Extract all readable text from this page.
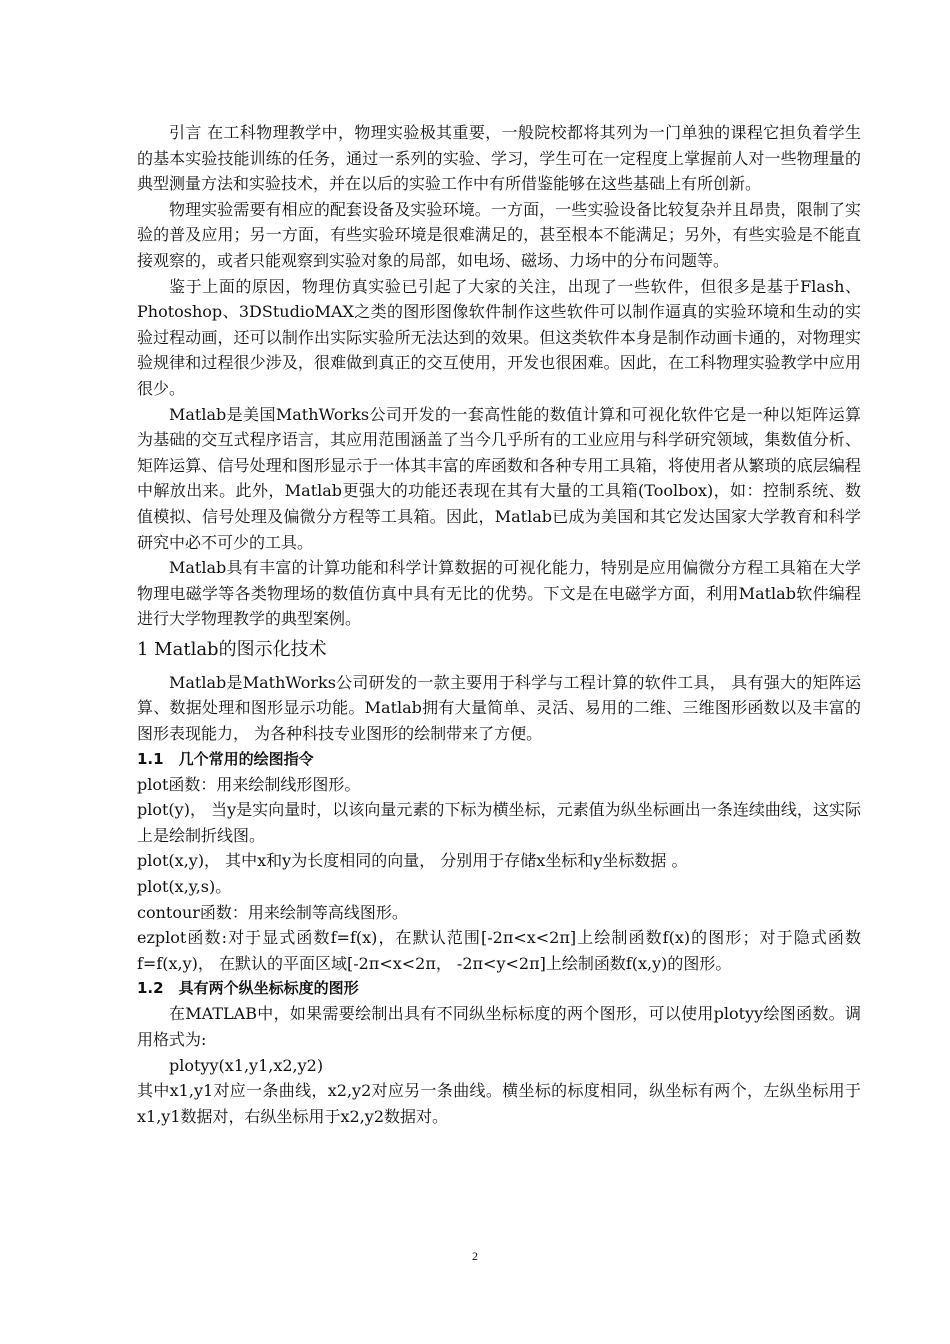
引言 在工科物理教学中，物理实验极其重要，一般院校都将其列为一门单独的课程它担负着学生的基本实验技能训练的任务，通过一系列的实验、学习，学生可在一定程度上掌握前人对一些物理量的典型测量方法和实验技术，并在以后的实验工作中有所借鉴能够在这些基础上有所创新。

物理实验需要有相应的配套设备及实验环境。一方面，一些实验设备比较复杂并且昂贵，限制了实验的普及应用；另一方面，有些实验环境是很难满足的，甚至根本不能满足；另外，有些实验是不能直接观察的，或者只能观察到实验对象的局部，如电场、磁场、力场中的分布问题等。

鉴于上面的原因，物理仿真实验已引起了大家的关注，出现了一些软件，但很多是基于Flash、Photoshop、3DStudioMAX之类的图形图像软件制作这些软件可以制作逼真的实验环境和生动的实验过程动画，还可以制作出实际实验所无法达到的效果。但这类软件本身是制作动画卡通的，对物理实验规律和过程很少涉及，很难做到真正的交互使用，开发也很困难。因此，在工科物理实验教学中应用很少。

Matlab是美国MathWorks公司开发的一套高性能的数值计算和可视化软件它是一种以矩阵运算为基础的交互式程序语言，其应用范围涵盖了当今几乎所有的工业应用与科学研究领域，集数值分析、矩阵运算、信号处理和图形显示于一体其丰富的库函数和各种专用工具箱，将使用者从繁琐的底层编程中解放出来。此外，Matlab更强大的功能还表现在其有大量的工具箱(Toolbox)，如：控制系统、数值模拟、信号处理及偏微分方程等工具箱。因此，Matlab已成为美国和其它发达国家大学教育和科学研究中必不可少的工具。

Matlab具有丰富的计算功能和科学计算数据的可视化能力，特别是应用偏微分方程工具箱在大学物理电磁学等各类物理场的数值仿真中具有无比的优势。下文是在电磁学方面，利用Matlab软件编程进行大学物理教学的典型案例。

1 Matlab的图示化技术

Matlab是MathWorks公司研发的一款主要用于科学与工程计算的软件工具， 具有强大的矩阵运算、数据处理和图形显示功能。Matlab拥有大量简单、灵活、易用的二维、三维图形函数以及丰富的图形表现能力， 为各种科技专业图形的绘制带来了方便。

1.1　几个常用的绘图指令

plot函数：用来绘制线形图形。

plot(y)， 当y是实向量时，以该向量元素的下标为横坐标，元素值为纵坐标画出一条连续曲线，这实际上是绘制折线图。

plot(x,y)， 其中x和y为长度相同的向量， 分别用于存储x坐标和y坐标数据 。

plot(x,y,s)。

contour函数：用来绘制等高线图形。

ezplot函数:对于显式函数f=f(x)，在默认范围[-2π<x<2π]上绘制函数f(x)的图形；对于隐式函数f=f(x,y)， 在默认的平面区域[-2π<x<2π， -2π<y<2π]上绘制函数f(x,y)的图形。

1.2　具有两个纵坐标标度的图形

在MATLAB中，如果需要绘制出具有不同纵坐标标度的两个图形，可以使用plotyy绘图函数。调用格式为:

plotyy(x1,y1,x2,y2)

其中x1,y1对应一条曲线，x2,y2对应另一条曲线。横坐标的标度相同，纵坐标有两个，左纵坐标用于x1,y1数据对，右纵坐标用于x2,y2数据对。

2
